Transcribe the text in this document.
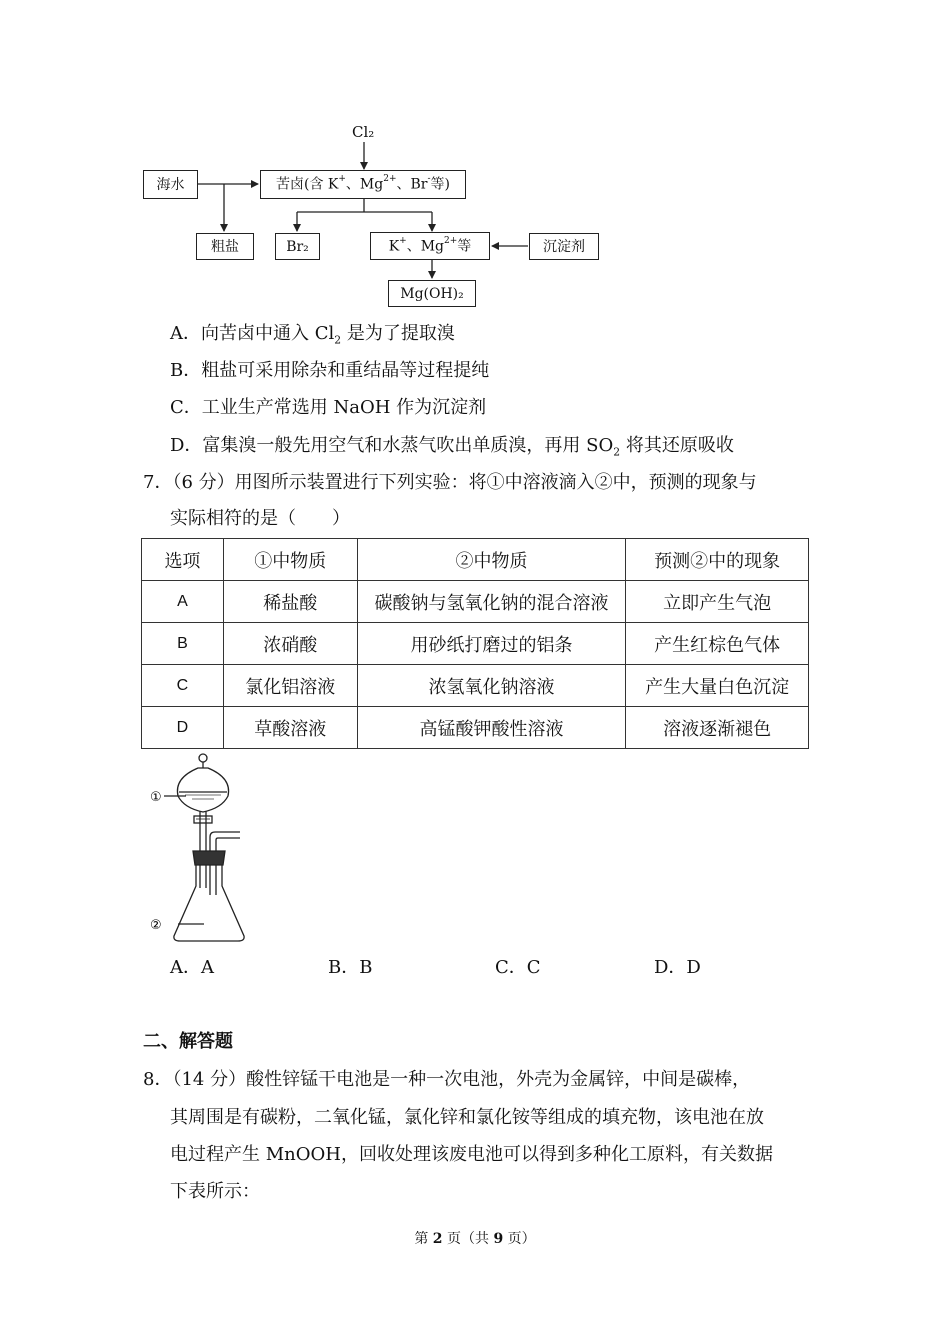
Cl₂
海水	苦卤(含 K+、$Mg^{2+}$、Br-等)
粗盐	Br₂	K+、$Mg^{2+}$等	沉淀剂
Mg(OH)₂
A．向苦卤中通入 $Cl_2$ 是为了提取溴
B．粗盐可采用除杂和重结晶等过程提纯
C．工业生产常选用 NaOH 作为沉淀剂
D．富集溴一般先用空气和水蒸气吹出单质溴，再用 $SO_2$ 将其还原吸收
7．（6 分）用图所示装置进行下列实验：将①中溶液滴入②中，预测的现象与
实际相符的是（　　）
选项	①中物质	②中物质	预测②中的现象
A	稀盐酸	碳酸钠与氢氧化钠的混合溶液	立即产生气泡
B	浓硝酸	用砂纸打磨过的铝条	产生红棕色气体
C	氯化铝溶液	浓氢氧化钠溶液	产生大量白色沉淀
D	草酸溶液	高锰酸钾酸性溶液	溶液逐渐褪色
①
②
A．A	B．B	C．C	D．D
二、解答题
8．（14 分）酸性锌锰干电池是一种一次电池，外壳为金属锌，中间是碳棒，
其周围是有碳粉，二氧化锰，氯化锌和氯化铵等组成的填充物，该电池在放
电过程产生 MnOOH，回收处理该废电池可以得到多种化工原料，有关数据
下表所示：
第 2 页（共 9 页）
